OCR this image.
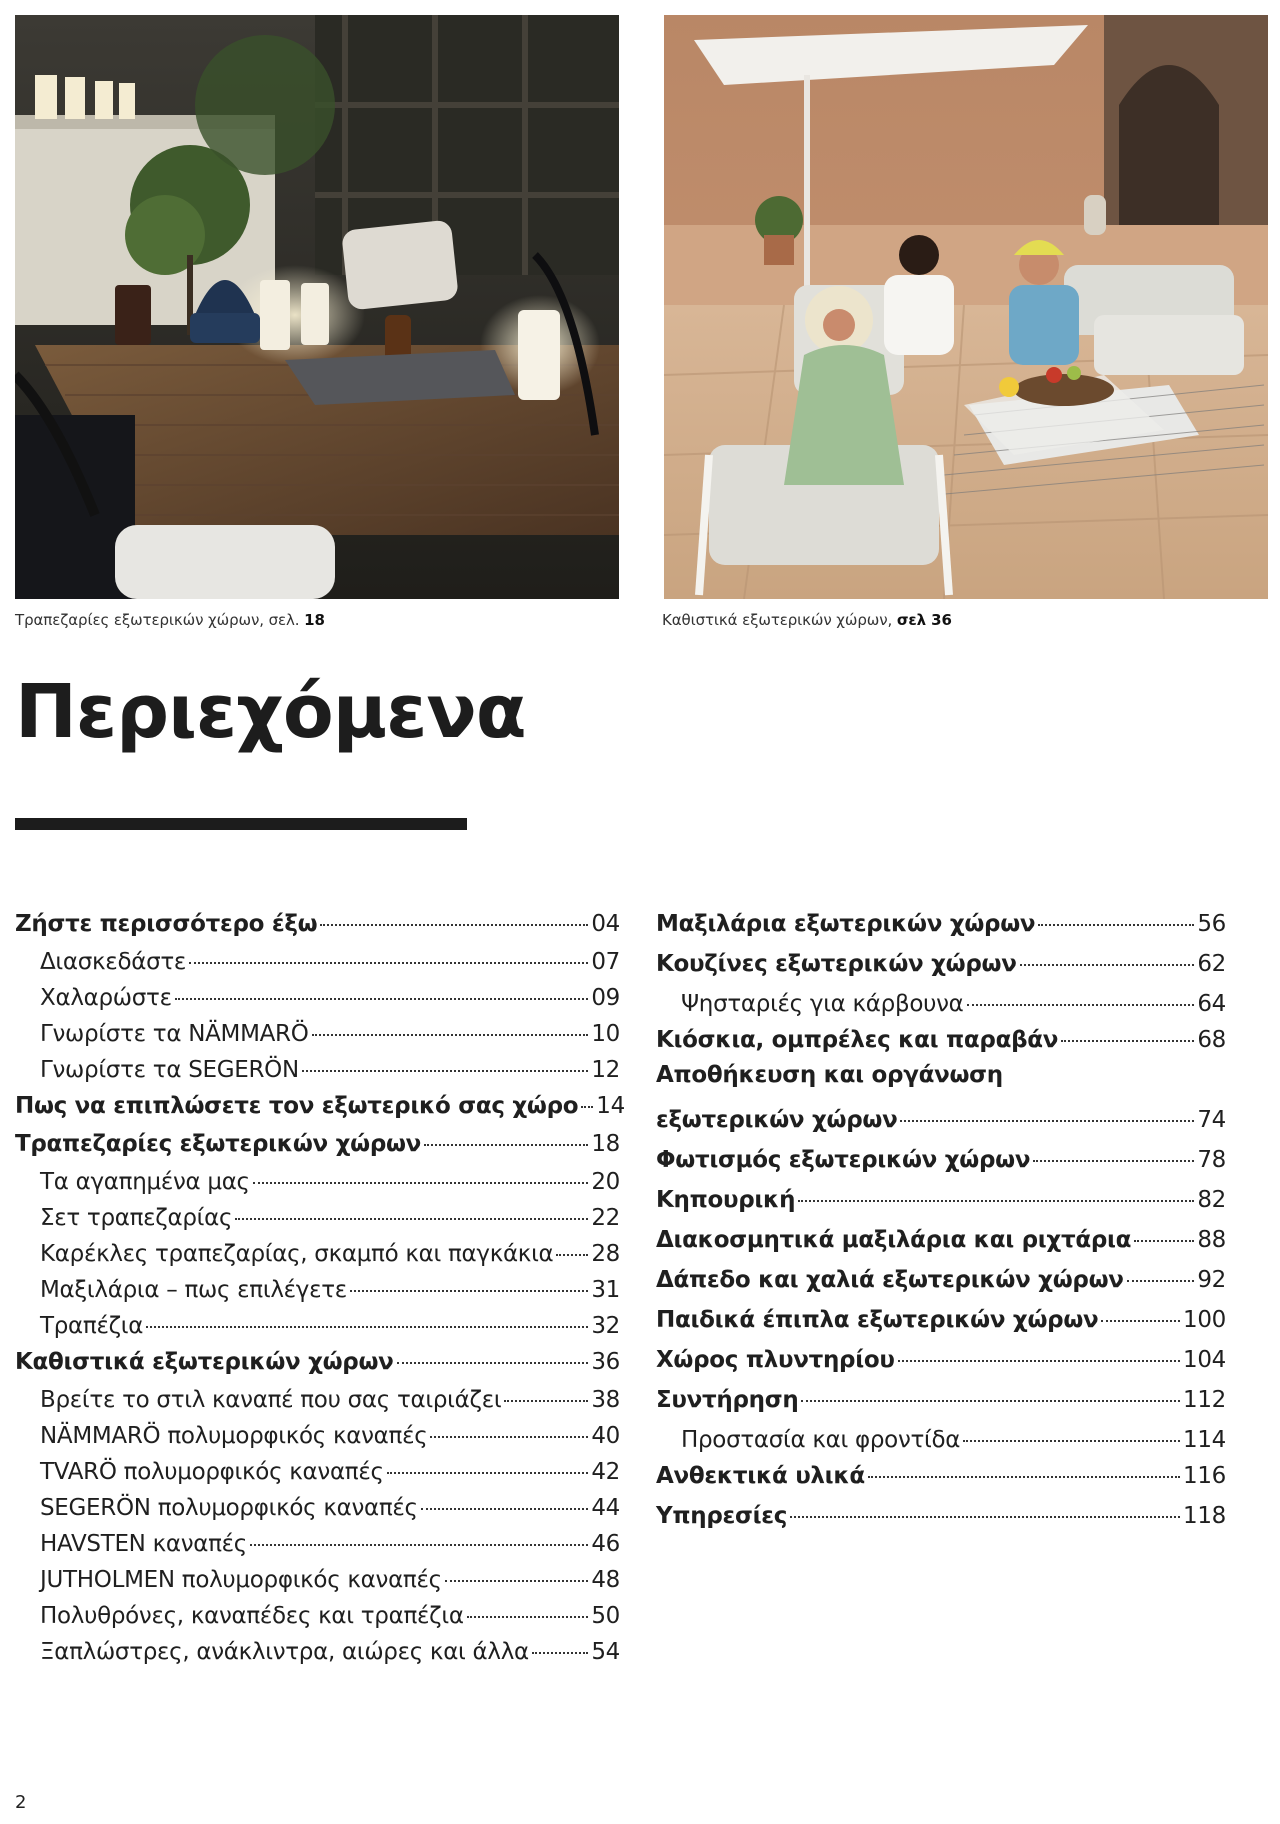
Τραπεζαρίες εξωτερικών χώρων, σελ. 18	Καθιστικά εξωτερικών χώρων, σελ 36
Περιεχόμενα
Ζήστε περισσότερο έξω	04
Διασκεδάστε	07
Χαλαρώστε	09
Γνωρίστε τα NÄMMARÖ	10
Γνωρίστε τα SEGERÖN	12
Πως να επιπλώσετε τον εξωτερικό σας χώρο 14
Τραπεζαρίες εξωτερικών χώρων	18
Τα αγαπημένα μας	20
Σετ τραπεζαρίας	22
Καρέκλες τραπεζαρίας, σκαμπό και παγκάκια 28
Μαξιλάρια – πως επιλέγετε	31
Τραπέζια	32
Καθιστικά εξωτερικών χώρων	36
Βρείτε το στιλ καναπέ που σας ταιριάζει	38
NÄMMARÖ πολυμορφικός καναπές	40
TVARÖ πολυμορφικός καναπές	42
SEGERÖN πολυμορφικός καναπές	44
HAVSTEN καναπές	46
JUTHOLMEN πολυμορφικός καναπές	48
Πολυθρόνες, καναπέδες και τραπέζια	50
Ξαπλώστρες, ανάκλιντρα, αιώρες και άλλα	54
Μαξιλάρια εξωτερικών χώρων	56
Κουζίνες εξωτερικών χώρων	62
Ψησταριές για κάρβουνα	64
Κιόσκια, ομπρέλες και παραβάν	68
Αποθήκευση και οργάνωση
εξωτερικών χώρων	74
Φωτισμός εξωτερικών χώρων	78
Κηπουρική	82
Διακοσμητικά μαξιλάρια και ριχτάρια	88
Δάπεδο και χαλιά εξωτερικών χώρων	92
Παιδικά έπιπλα εξωτερικών χώρων	100
Χώρος πλυντηρίου	104
Συντήρηση	112
Προστασία και φροντίδα	114
Ανθεκτικά υλικά	116
Υπηρεσίες	118
2
